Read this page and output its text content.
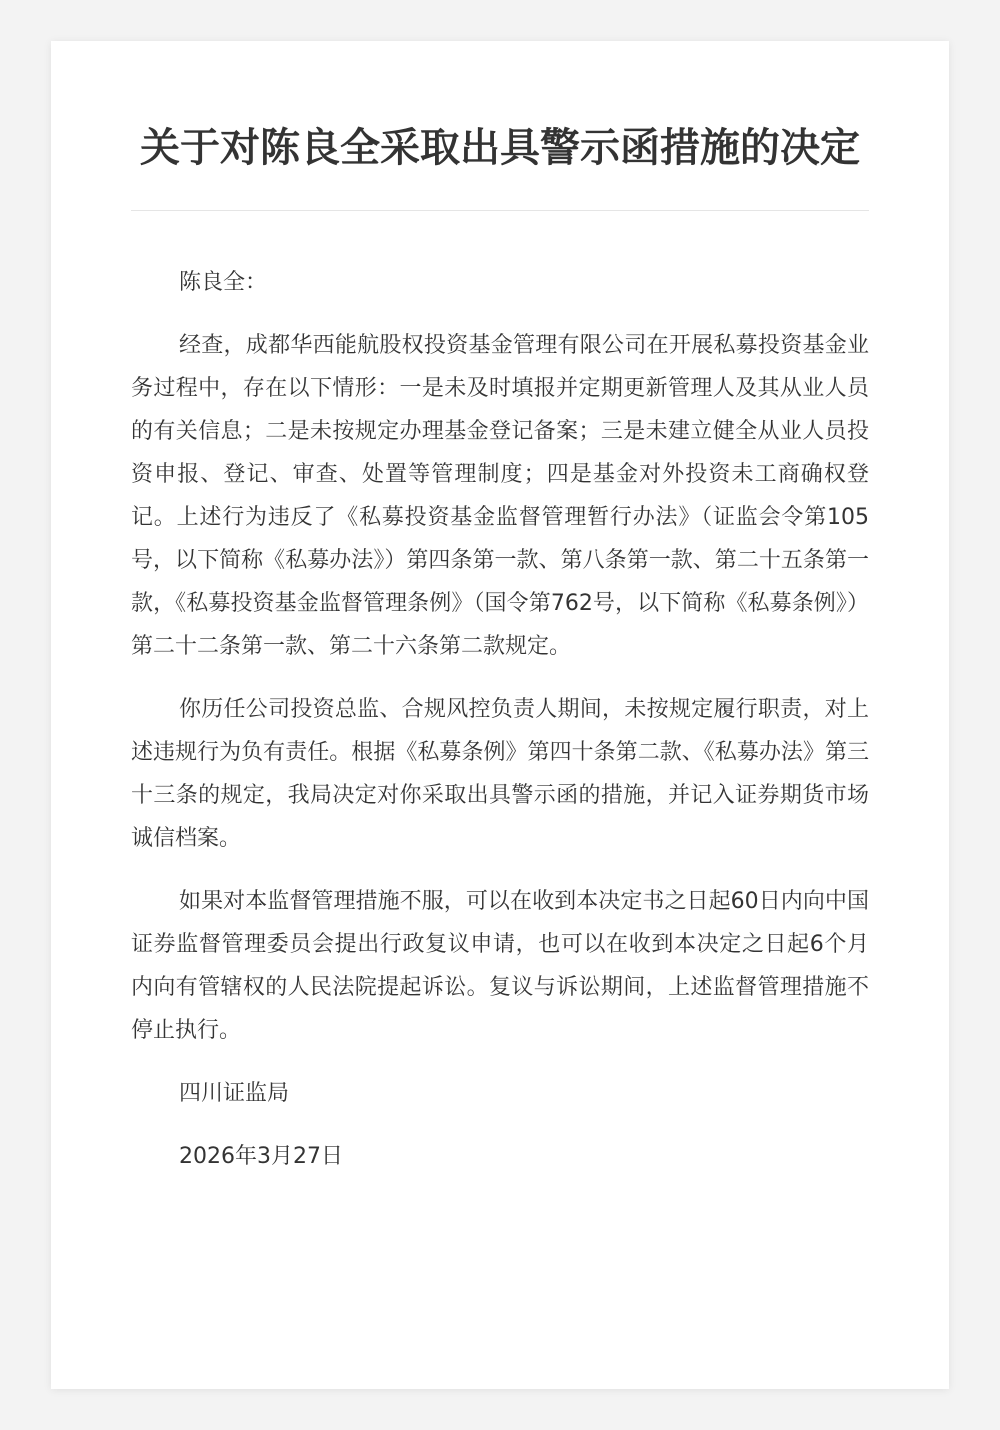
关于对陈良全采取出具警示函措施的决定

陈良全：

经查，成都华西能航股权投资基金管理有限公司在开展私募投资基金业务过程中，存在以下情形：一是未及时填报并定期更新管理人及其从业人员的有关信息；二是未按规定办理基金登记备案；三是未建立健全从业人员投资申报、登记、审查、处置等管理制度；四是基金对外投资未工商确权登记。上述行为违反了《私募投资基金监督管理暂行办法》（证监会令第105号，以下简称《私募办法》）第四条第一款、第八条第一款、第二十五条第一款，《私募投资基金监督管理条例》（国令第762号，以下简称《私募条例》）第二十二条第一款、第二十六条第二款规定。

你历任公司投资总监、合规风控负责人期间，未按规定履行职责，对上述违规行为负有责任。根据《私募条例》第四十条第二款、《私募办法》第三十三条的规定，我局决定对你采取出具警示函的措施，并记入证券期货市场诚信档案。

如果对本监督管理措施不服，可以在收到本决定书之日起60日内向中国证券监督管理委员会提出行政复议申请，也可以在收到本决定之日起6个月内向有管辖权的人民法院提起诉讼。复议与诉讼期间，上述监督管理措施不停止执行。

四川证监局

2026年3月27日
